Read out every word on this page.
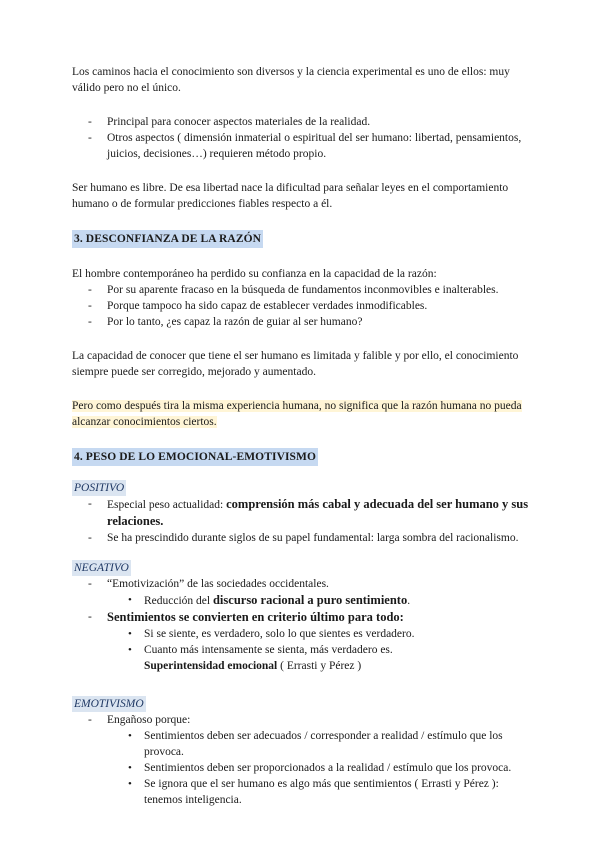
Los caminos hacia el conocimiento son diversos y la ciencia experimental es uno de ellos: muy válido pero no el único.

- Principal para conocer aspectos materiales de la realidad.
- Otros aspectos ( dimensión inmaterial o espiritual del ser humano: libertad, pensamientos, juicios, decisiones…) requieren método propio.

Ser humano es libre. De esa libertad nace la dificultad para señalar leyes en el comportamiento humano o de formular predicciones fiables respecto a él.

3. DESCONFIANZA DE LA RAZÓN

El hombre contemporáneo ha perdido su confianza en la capacidad de la razón:

- Por su aparente fracaso en la búsqueda de fundamentos inconmovibles e inalterables.
- Porque tampoco ha sido capaz de establecer verdades inmodificables.
- Por lo tanto, ¿es capaz la razón de guiar al ser humano?

La capacidad de conocer que tiene el ser humano es limitada y falible y por ello, el conocimiento siempre puede ser corregido, mejorado y aumentado.

Pero como después tira la misma experiencia humana, no significa que la razón humana no pueda alcanzar conocimientos ciertos.

4. PESO DE LO EMOCIONAL-EMOTIVISMO
POSITIVO
- Especial peso actualidad: comprensión más cabal y adecuada del ser humano y sus relaciones.
- Se ha prescindido durante siglos de su papel fundamental: larga sombra del racionalismo.
NEGATIVO
- “Emotivización” de las sociedades occidentales.
• Reducción del discurso racional a puro sentimiento.
- Sentimientos se convierten en criterio último para todo:
• Si se siente, es verdadero, solo lo que sientes es verdadero.
• Cuanto más intensamente se sienta, más verdadero es.
Superintensidad emocional ( Errasti y Pérez )
EMOTIVISMO
- Engañoso porque:
• Sentimientos deben ser adecuados / corresponder a realidad / estímulo que los provoca.
• Sentimientos deben ser proporcionados a la realidad / estímulo que los provoca.
• Se ignora que el ser humano es algo más que sentimientos ( Errasti y Pérez ): tenemos inteligencia.
